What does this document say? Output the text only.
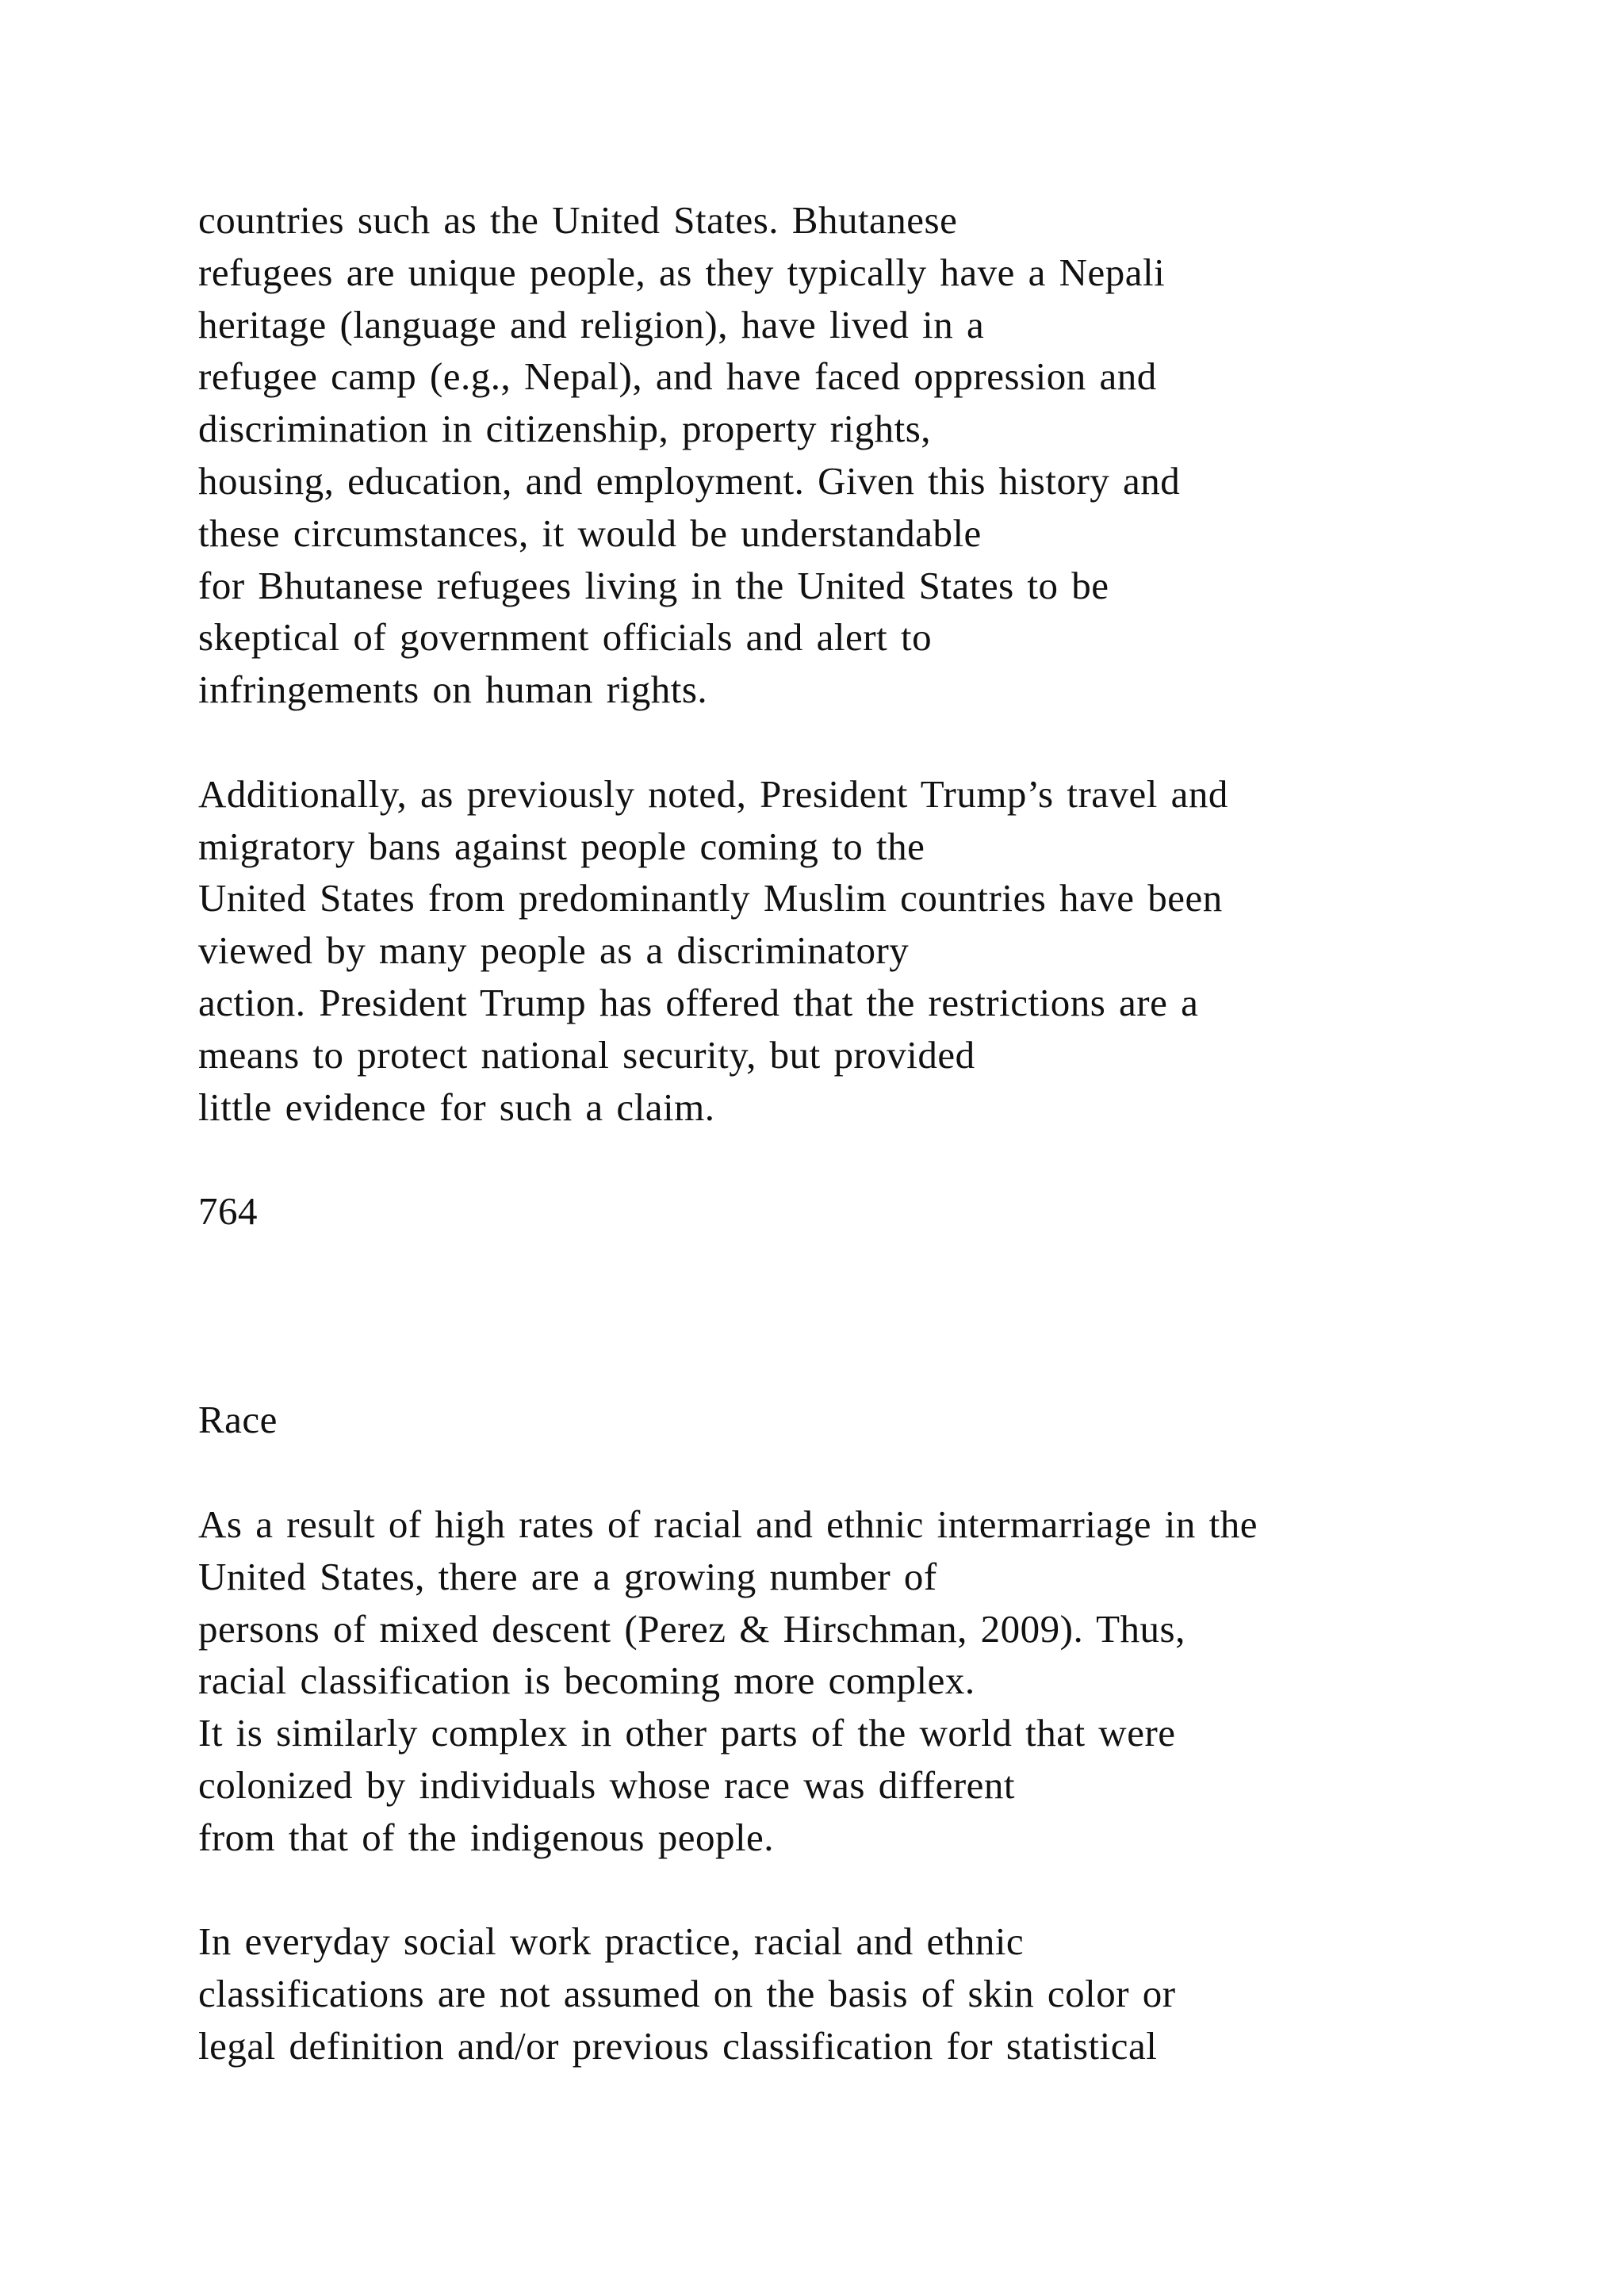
countries such as the United States. Bhutanese
refugees are unique people, as they typically have a Nepali
heritage (language and religion), have lived in a
refugee camp (e.g., Nepal), and have faced oppression and
discrimination in citizenship, property rights,
housing, education, and employment. Given this history and
these circumstances, it would be understandable
for Bhutanese refugees living in the United States to be
skeptical of government officials and alert to
infringements on human rights.

Additionally, as previously noted, President Trump’s travel and
migratory bans against people coming to the
United States from predominantly Muslim countries have been
viewed by many people as a discriminatory
action. President Trump has offered that the restrictions are a
means to protect national security, but provided
little evidence for such a claim.

764

Race

As a result of high rates of racial and ethnic intermarriage in the
United States, there are a growing number of
persons of mixed descent (Perez & Hirschman, 2009). Thus,
racial classification is becoming more complex.
It is similarly complex in other parts of the world that were
colonized by individuals whose race was different
from that of the indigenous people.

In everyday social work practice, racial and ethnic
classifications are not assumed on the basis of skin color or
legal definition and/or previous classification for statistical
